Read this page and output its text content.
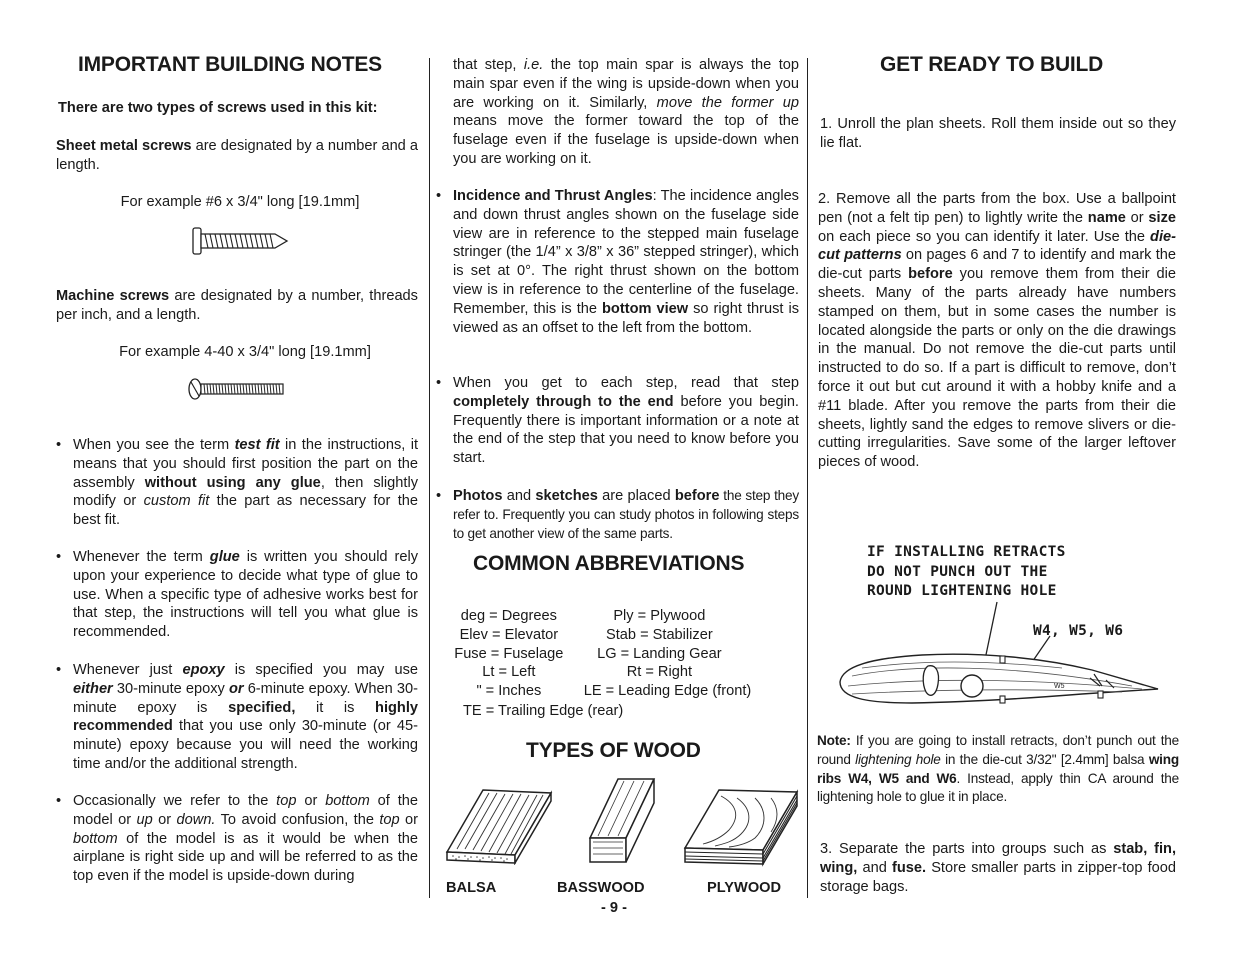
IMPORTANT BUILDING NOTES

There are two types of screws used in this kit:

Sheet metal screws are designated by a number and a length.

For example #6 x 3/4" long [19.1mm]

Machine screws are designated by a number, threads per inch, and a length.

For example 4-40 x 3/4" long [19.1mm]

• When you see the term test fit in the instructions, it means that you should first position the part on the assembly without using any glue, then slightly modify or custom fit the part as necessary for the best fit.
• Whenever the term glue is written you should rely upon your experience to decide what type of glue to use. When a specific type of adhesive works best for that step, the instructions will tell you what glue is recommended.
• Whenever just epoxy is specified you may use either 30-minute epoxy or 6-minute epoxy. When 30-minute epoxy is specified, it is highly recommended that you use only 30-minute (or 45-minute) epoxy because you will need the working time and/or the additional strength.
• Occasionally we refer to the top or bottom of the model or up or down. To avoid confusion, the top or bottom of the model is as it would be when the airplane is right side up and will be referred to as the top even if the model is upside-down during

that step, i.e. the top main spar is always the top main spar even if the wing is upside-down when you are working on it. Similarly, move the former up means move the former toward the top of the fuselage even if the fuselage is upside-down when you are working on it.

• Incidence and Thrust Angles: The incidence angles and down thrust angles shown on the fuselage side view are in reference to the stepped main fuselage stringer (the 1/4” x 3/8” x 36” stepped stringer), which is set at 0°. The right thrust shown on the bottom view is in reference to the centerline of the fuselage. Remember, this is the bottom view so right thrust is viewed as an offset to the left from the bottom.
• When you get to each step, read that step completely through to the end before you begin. Frequently there is important information or a note at the end of the step that you need to know before you start.
• Photos and sketches are placed before the step they refer to. Frequently you can study photos in following steps to get another view of the same parts.
COMMON ABBREVIATIONS
deg = Degrees	Ply = Plywood
Elev = Elevator	Stab = Stabilizer
Fuse = Fuselage	LG = Landing Gear
Lt = Left	Rt = Right
" = Inches	LE = Leading Edge (front)
TE = Trailing Edge (rear)
TYPES OF WOOD
BALSA	BASSWOOD	PLYWOOD
- 9 -
GET READY TO BUILD

1. Unroll the plan sheets. Roll them inside out so they lie flat.

2. Remove all the parts from the box. Use a ballpoint pen (not a felt tip pen) to lightly write the name or size on each piece so you can identify it later. Use the die-cut patterns on pages 6 and 7 to identify and mark the die-cut parts before you remove them from their die sheets. Many of the parts already have numbers stamped on them, but in some cases the number is located alongside the parts or only on the die drawings in the manual. Do not remove the die-cut parts until instructed to do so. If a part is difficult to remove, don’t force it out but cut around it with a hobby knife and a #11 blade. After you remove the parts from their die sheets, lightly sand the edges to remove slivers or die-cutting irregularities. Save some of the larger leftover pieces of wood.

IF INSTALLING RETRACTS
DO NOT PUNCH OUT THE
ROUND LIGHTENING HOLE
W4, W5, W6
W5

Note: If you are going to install retracts, don’t punch out the round lightening hole in the die-cut 3/32" [2.4mm] balsa wing ribs W4, W5 and W6. Instead, apply thin CA around the lightening hole to glue it in place.

3. Separate the parts into groups such as stab, fin, wing, and fuse. Store smaller parts in zipper-top food storage bags.
